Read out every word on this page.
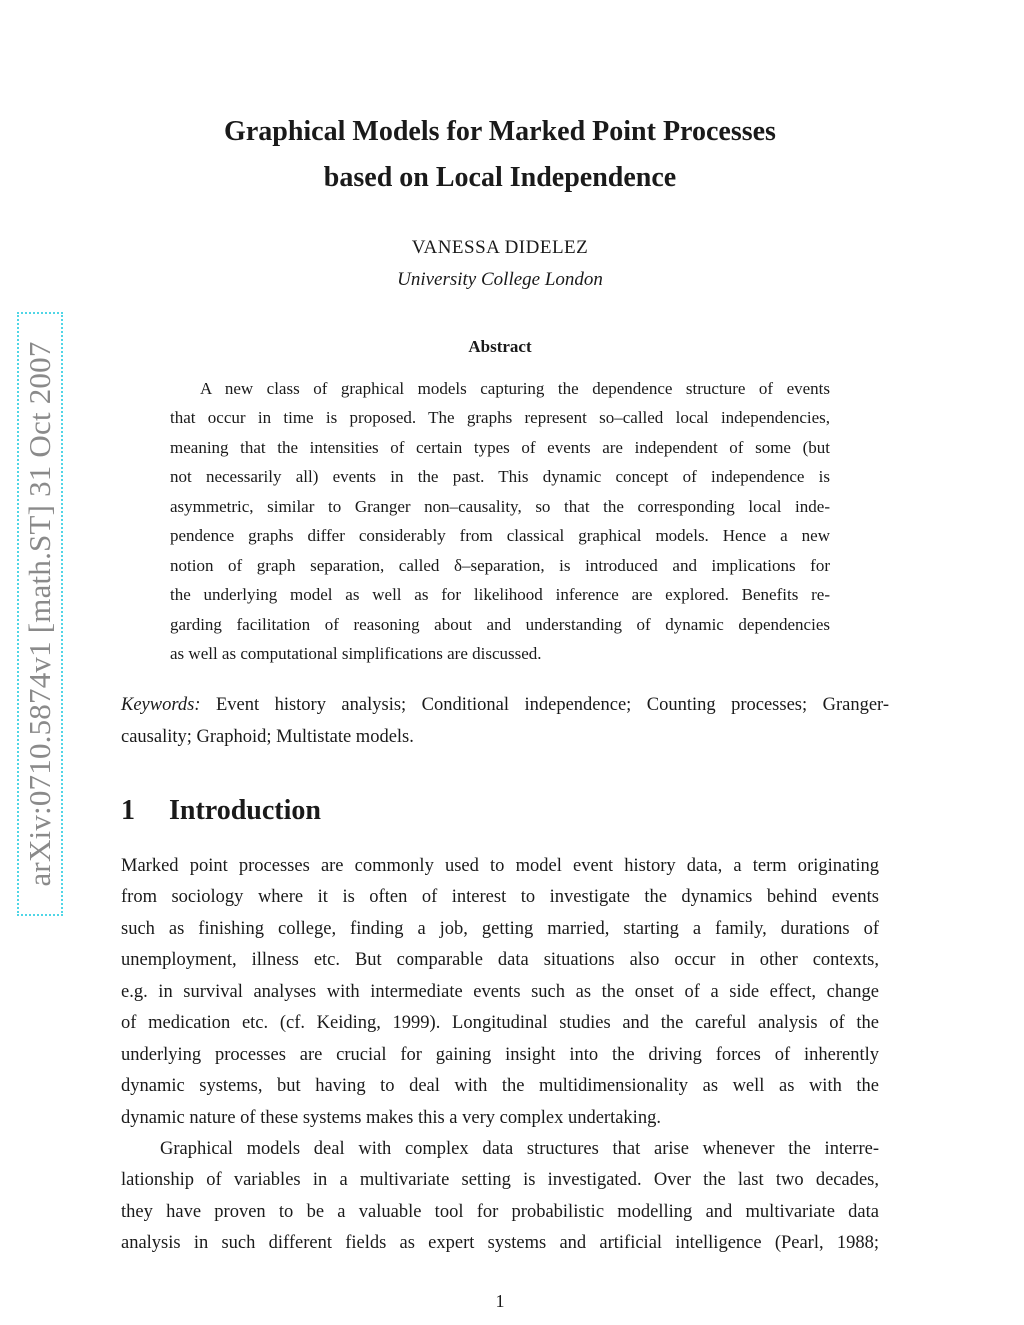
arXiv:0710.5874v1 [math.ST] 31 Oct 2007
Graphical Models for Marked Point Processes
based on Local Independence
VANESSA DIDELEZ
University College London
Abstract
A new class of graphical models capturing the dependence structure of events
that occur in time is proposed. The graphs represent so–called local independencies,
meaning that the intensities of certain types of events are independent of some (but
not necessarily all) events in the past. This dynamic concept of independence is
asymmetric, similar to Granger non–causality, so that the corresponding local inde-
pendence graphs differ considerably from classical graphical models. Hence a new
notion of graph separation, called δ–separation, is introduced and implications for
the underlying model as well as for likelihood inference are explored. Benefits re-
garding facilitation of reasoning about and understanding of dynamic dependencies
as well as computational simplifications are discussed.
Keywords: Event history analysis; Conditional independence; Counting processes; Granger-
causality; Graphoid; Multistate models.
1 Introduction
Marked point processes are commonly used to model event history data, a term originating
from sociology where it is often of interest to investigate the dynamics behind events
such as finishing college, finding a job, getting married, starting a family, durations of
unemployment, illness etc. But comparable data situations also occur in other contexts,
e.g. in survival analyses with intermediate events such as the onset of a side effect, change
of medication etc. (cf. Keiding, 1999). Longitudinal studies and the careful analysis of the
underlying processes are crucial for gaining insight into the driving forces of inherently
dynamic systems, but having to deal with the multidimensionality as well as with the
dynamic nature of these systems makes this a very complex undertaking.
Graphical models deal with complex data structures that arise whenever the interre-
lationship of variables in a multivariate setting is investigated. Over the last two decades,
they have proven to be a valuable tool for probabilistic modelling and multivariate data
analysis in such different fields as expert systems and artificial intelligence (Pearl, 1988;
1
